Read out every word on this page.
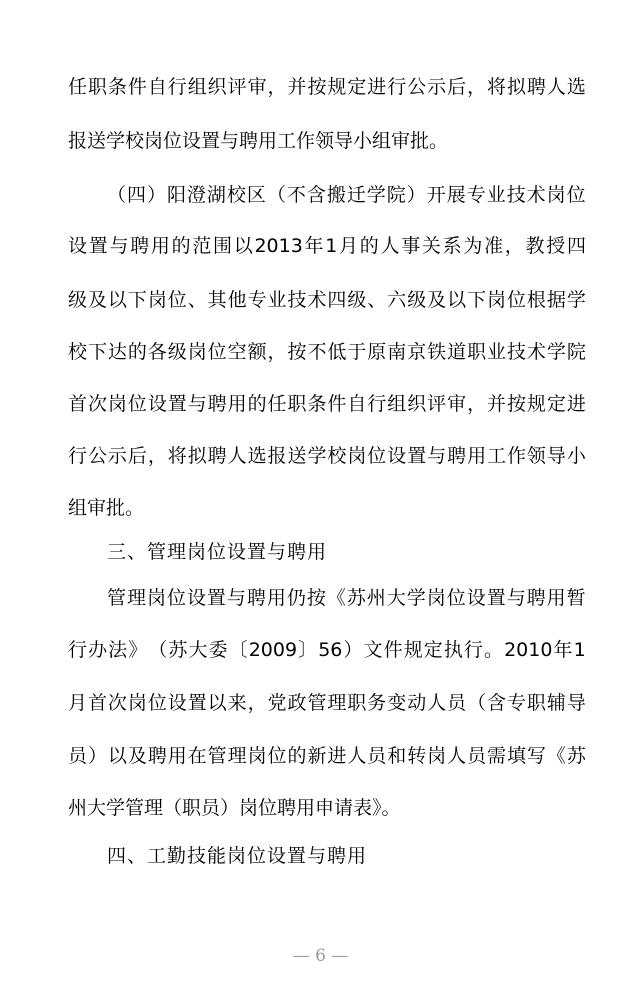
任 职 条 件 自 行 组 织 评 审 ， 并 按 规 定 进 行 公 示 后 ， 将 拟 聘 人 选
报送学校岗位设置与聘用工作领导小组审批。
（ 四 ） 阳 澄 湖 校 区 （ 不 含 搬 迁 学 院 ） 开 展 专 业 技 术 岗 位
设 置 与 聘 用 的 范 围 以 2013 年 1 月 的 人 事 关 系 为 准 ， 教 授 四
级 及 以 下 岗 位 、 其 他 专 业 技 术 四 级 、 六 级 及 以 下 岗 位 根 据 学
校 下 达 的 各 级 岗 位 空 额 ， 按 不 低 于 原 南 京 铁 道 职 业 技 术 学 院
首 次 岗 位 设 置 与 聘 用 的 任 职 条 件 自 行 组 织 评 审 ， 并 按 规 定 进
行 公 示 后 ， 将 拟 聘 人 选 报 送 学 校 岗 位 设 置 与 聘 用 工 作 领 导 小
组审批。
三、管理岗位设置与聘用
管 理 岗 位 设 置 与 聘 用 仍 按 《 苏 州 大 学 岗 位 设 置 与 聘 用 暂
行 办 法 》 （ 苏 大 委 〔 2009 〕 56 ） 文 件 规 定 执 行 。 2010 年 1
月 首 次 岗 位 设 置 以 来 ， 党 政 管 理 职 务 变 动 人 员 （ 含 专 职 辅 导
员 ） 以 及 聘 用 在 管 理 岗 位 的 新 进 人 员 和 转 岗 人 员 需 填 写 《 苏
州大学管理（职员）岗位聘用申请表》。
四、工勤技能岗位设置与聘用
— 6 —
